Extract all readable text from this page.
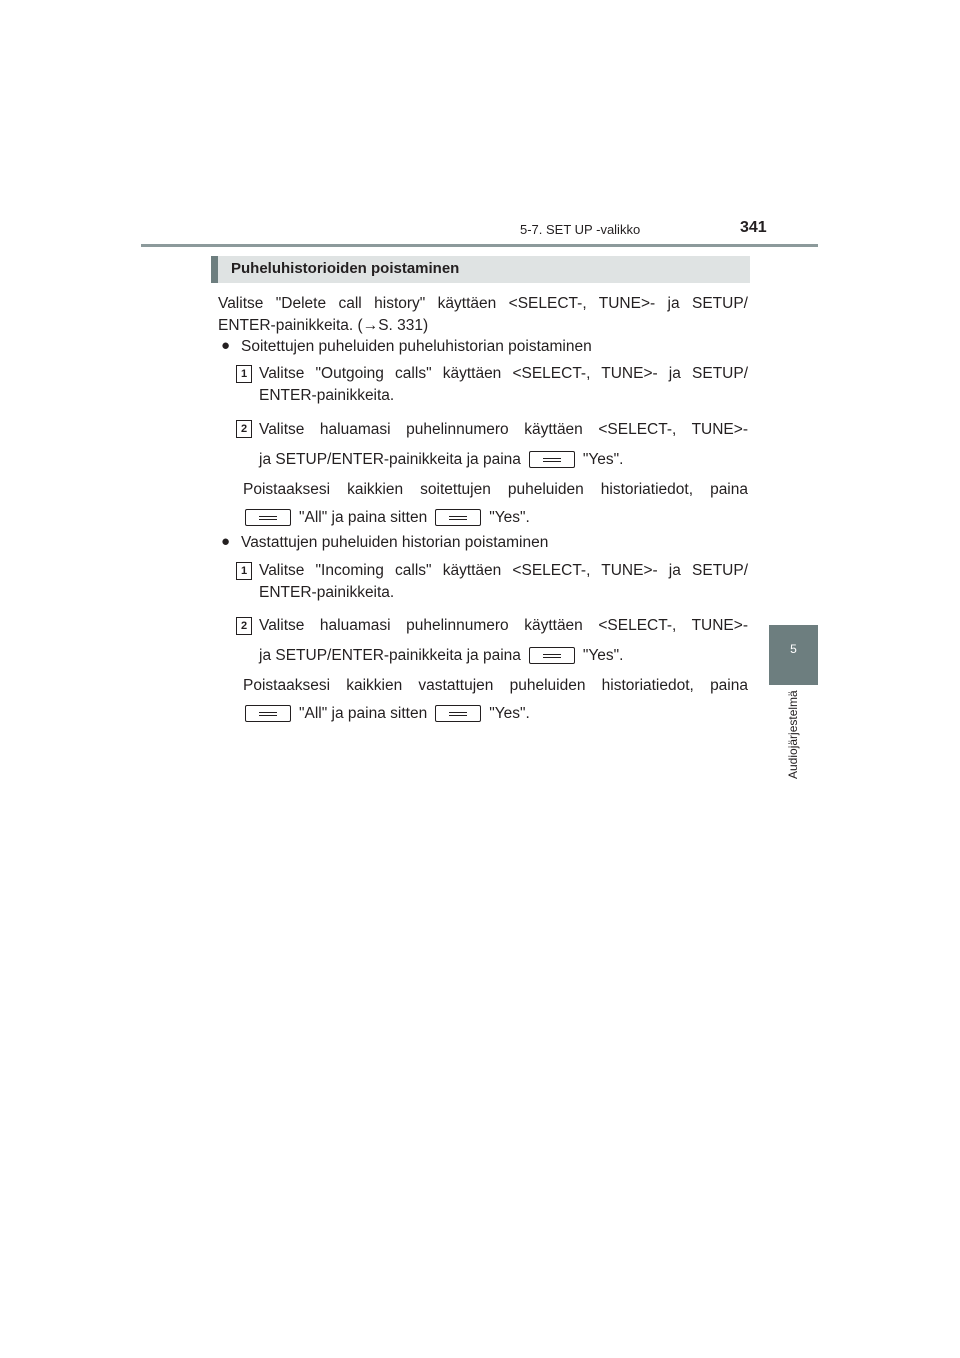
5-7. SET UP -valikko	341
5
Audiojärjestelmä
Puheluhistorioiden poistaminen
Valitse "Delete call history" käyttäen <SELECT-, TUNE>- ja SETUP/
ENTER-painikkeita. (→S. 331)
● Soitettujen puheluiden puheluhistorian poistaminen
1 Valitse "Outgoing calls" käyttäen <SELECT-, TUNE>- ja SETUP/
ENTER-painikkeita.
2 Valitse haluamasi puhelinnumero käyttäen <SELECT-, TUNE>-
ja SETUP/ENTER-painikkeita ja paina	"Yes".
Poistaaksesi kaikkien soitettujen puheluiden historiatiedot, paina
"All" ja paina sitten	"Yes".
● Vastattujen puheluiden historian poistaminen
1 Valitse "Incoming calls" käyttäen <SELECT-, TUNE>- ja SETUP/
ENTER-painikkeita.
2 Valitse haluamasi puhelinnumero käyttäen <SELECT-, TUNE>-
ja SETUP/ENTER-painikkeita ja paina	"Yes".
Poistaaksesi kaikkien vastattujen puheluiden historiatiedot, paina
"All" ja paina sitten	"Yes".
